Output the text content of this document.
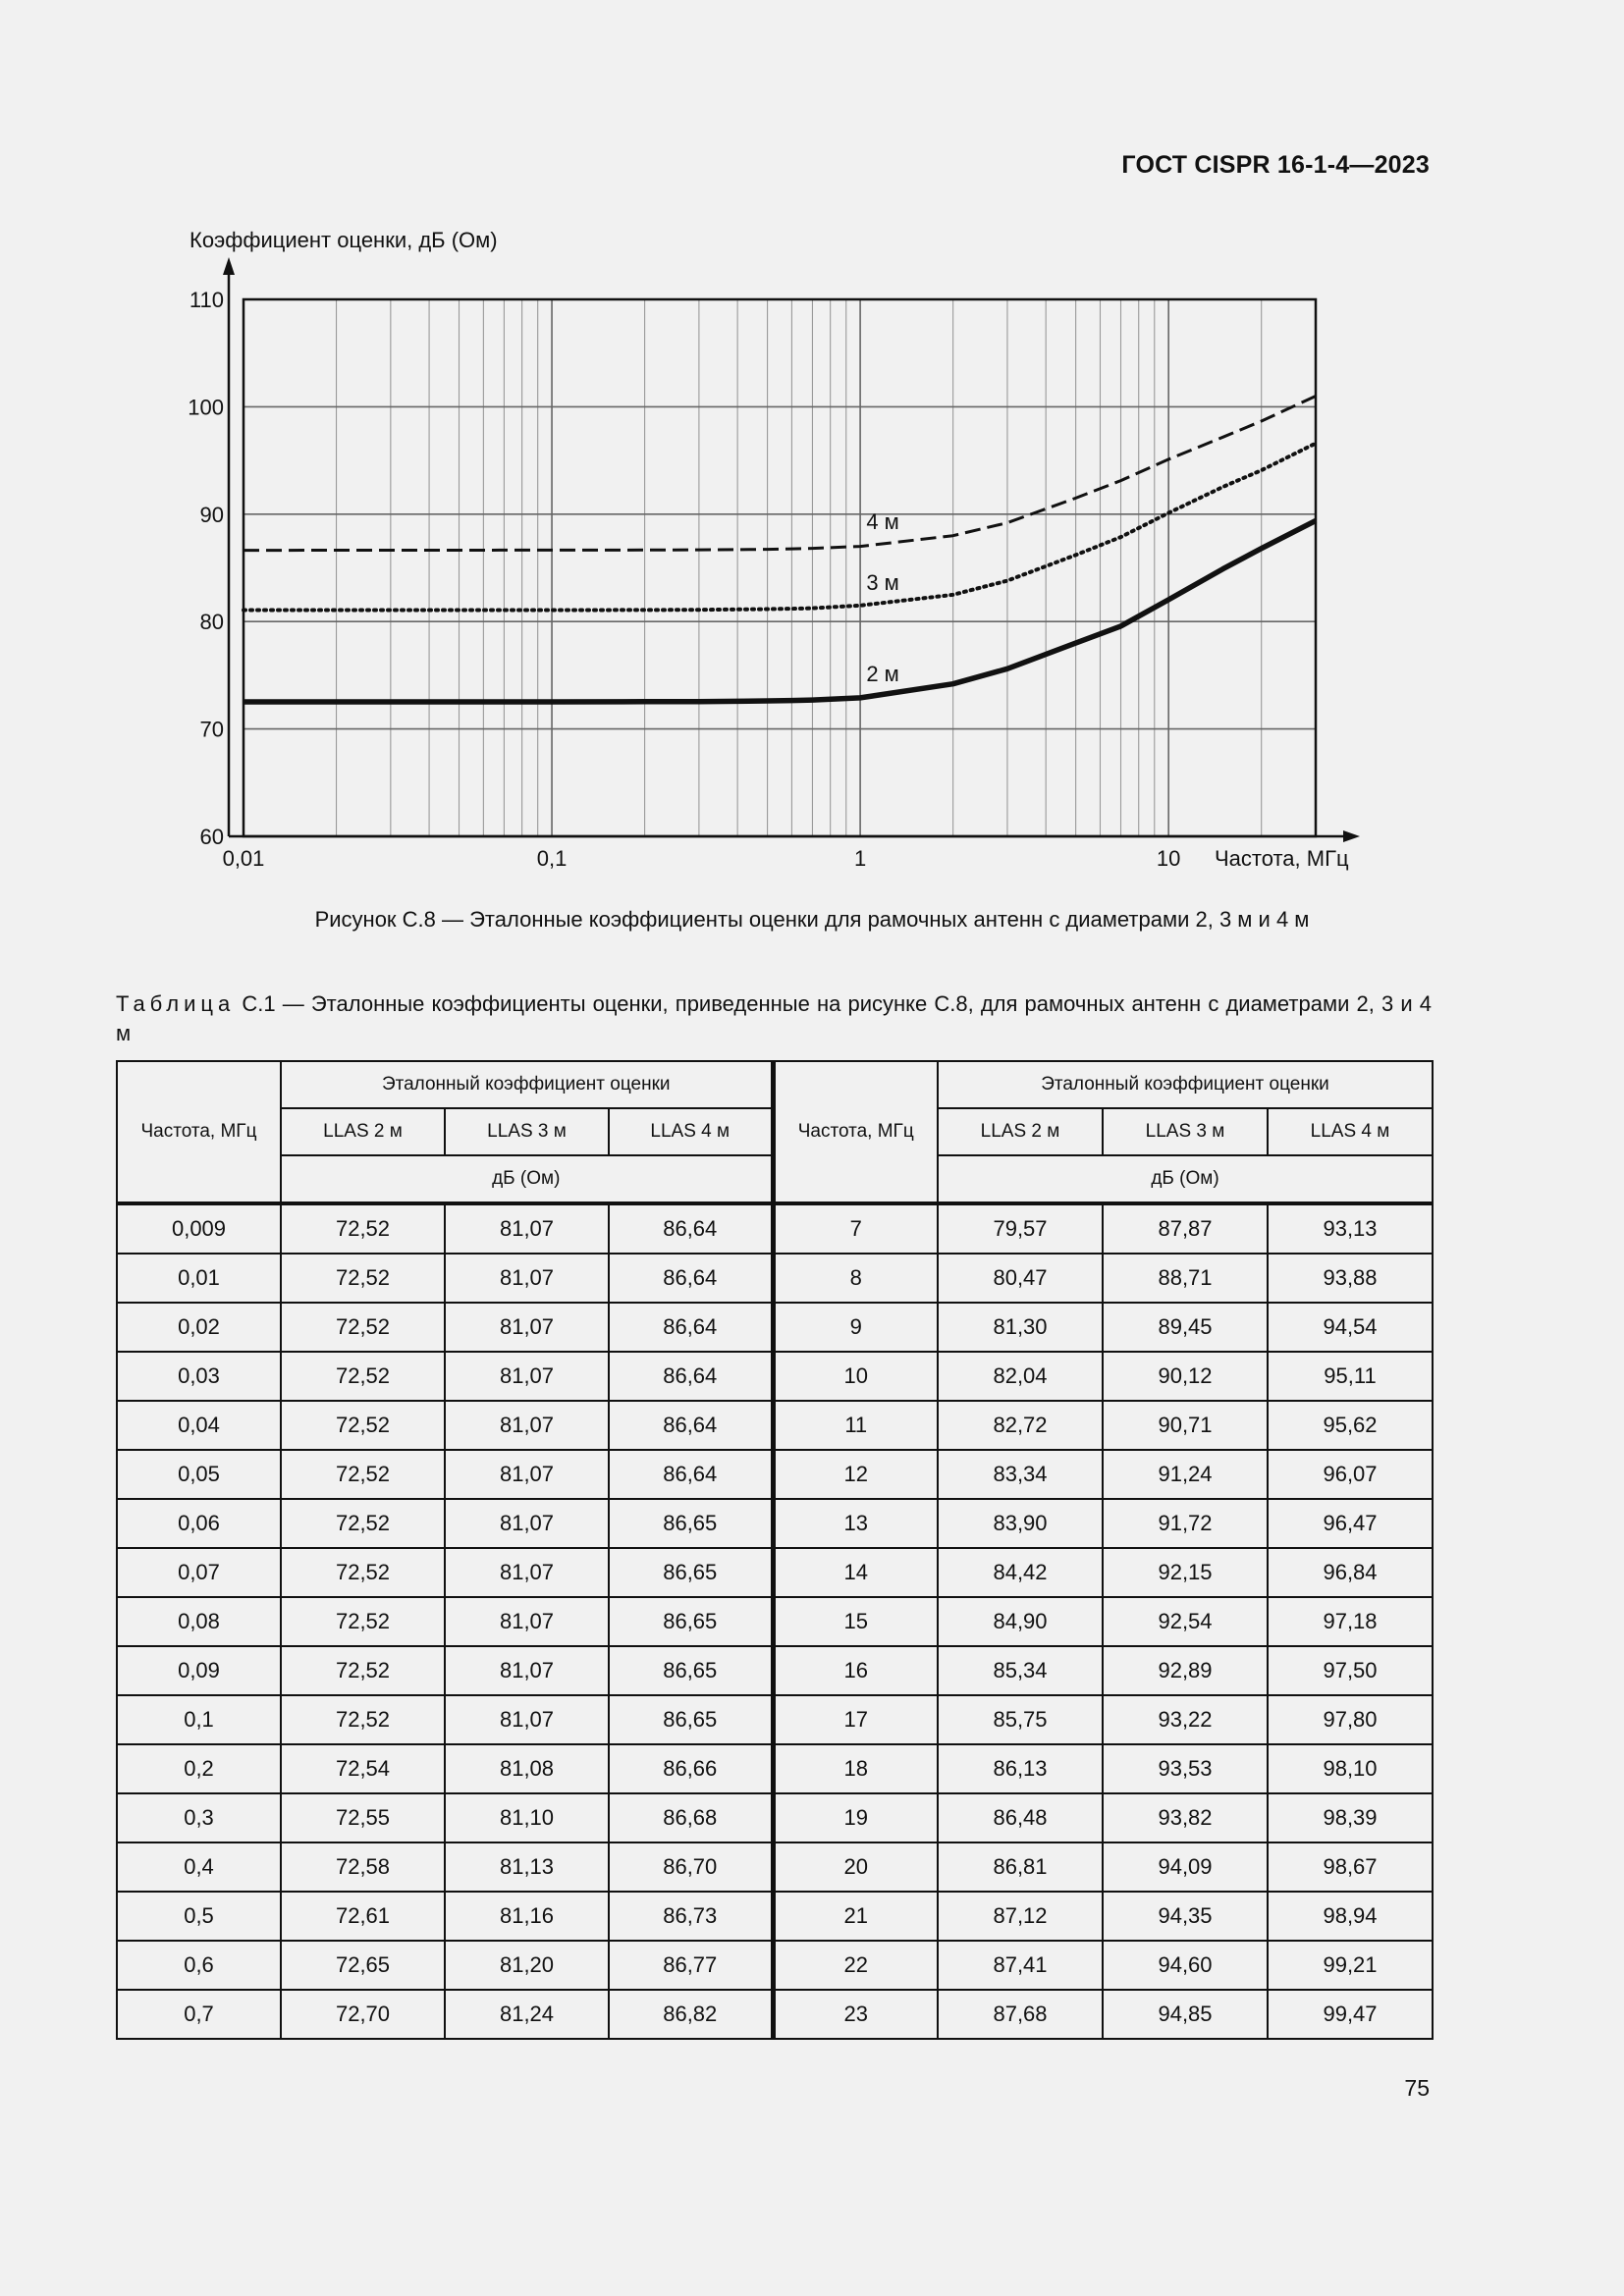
ГОСТ CISPR 16-1-4—2023
60
70
80
90
100
110
0,01	0,1	1	10
Коэффициент оценки, дБ (Ом)
Частота, МГц
2 м
3 м
4 м
Рисунок С.8 — Эталонные коэффициенты оценки для рамочных антенн с диаметрами 2, 3 м и 4 м
Таблица С.1 — Эталонные коэффициенты оценки, приведенные на рисунке С.8, для рамочных антенн с диаметрами 2, 3 и 4 м
Частота, МГц	Эталонный коэффициент оценки			Частота, МГц	Эталонный коэффициент оценки		
	LLAS 2 м	LLAS 3 м	LLAS 4 м		LLAS 2 м	LLAS 3 м	LLAS 4 м
	дБ (Ом)				дБ (Ом)		
0,009	72,52	81,07	86,64	7	79,57	87,87	93,13
0,01	72,52	81,07	86,64	8	80,47	88,71	93,88
0,02	72,52	81,07	86,64	9	81,30	89,45	94,54
0,03	72,52	81,07	86,64	10	82,04	90,12	95,11
0,04	72,52	81,07	86,64	11	82,72	90,71	95,62
0,05	72,52	81,07	86,64	12	83,34	91,24	96,07
0,06	72,52	81,07	86,65	13	83,90	91,72	96,47
0,07	72,52	81,07	86,65	14	84,42	92,15	96,84
0,08	72,52	81,07	86,65	15	84,90	92,54	97,18
0,09	72,52	81,07	86,65	16	85,34	92,89	97,50
0,1	72,52	81,07	86,65	17	85,75	93,22	97,80
0,2	72,54	81,08	86,66	18	86,13	93,53	98,10
0,3	72,55	81,10	86,68	19	86,48	93,82	98,39
0,4	72,58	81,13	86,70	20	86,81	94,09	98,67
0,5	72,61	81,16	86,73	21	87,12	94,35	98,94
0,6	72,65	81,20	86,77	22	87,41	94,60	99,21
0,7	72,70	81,24	86,82	23	87,68	94,85	99,47
75
